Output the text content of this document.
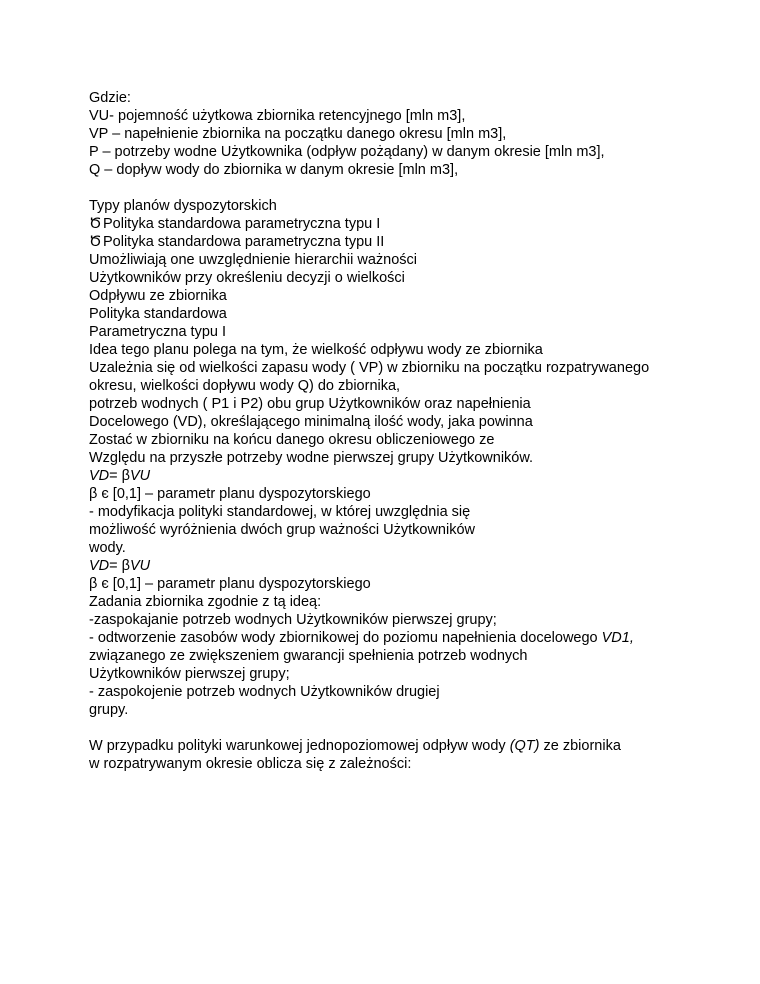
Gdzie:
VU- pojemność użytkowa zbiornika retencyjnego [mln m3],
VP – napełnienie zbiornika na początku danego okresu [mln m3],
P – potrzeby wodne Użytkownika (odpływ pożądany) w danym okresie [mln m3],
Q – dopływ wody do zbiornika w danym okresie [mln m3],
Typy planów dyspozytorskich
ԾPolityka standardowa parametryczna typu I
ԾPolityka standardowa parametryczna typu II
Umożliwiają one uwzględnienie hierarchii ważności
Użytkowników przy określeniu decyzji o wielkości
Odpływu ze zbiornika
Polityka standardowa
Parametryczna typu I
Idea tego planu polega na tym, że wielkość odpływu wody ze zbiornika
Uzależnia się od wielkości zapasu wody ( VP) w zbiorniku na początku rozpatrywanego
okresu, wielkości dopływu wody Q) do zbiornika,
potrzeb wodnych ( P1 i P2) obu grup Użytkowników oraz napełnienia
Docelowego (VD), określającego minimalną ilość wody, jaka powinna
Zostać w zbiorniku na końcu danego okresu obliczeniowego ze
Względu na przyszłe potrzeby wodne pierwszej grupy Użytkowników.
VD= βVU
β є [0,1] – parametr planu dyspozytorskiego
- modyfikacja polityki standardowej, w której uwzględnia się
możliwość wyróżnienia dwóch grup ważności Użytkowników
wody.
VD= βVU
β є [0,1] – parametr planu dyspozytorskiego
Zadania zbiornika zgodnie z tą ideą:
-zaspokajanie potrzeb wodnych Użytkowników pierwszej grupy;
- odtworzenie zasobów wody zbiornikowej do poziomu napełnienia docelowego VD1,
związanego ze zwiększeniem gwarancji spełnienia potrzeb wodnych
Użytkowników pierwszej grupy;
- zaspokojenie potrzeb wodnych Użytkowników drugiej
grupy.
W przypadku polityki warunkowej jednopoziomowej odpływ wody (QT) ze zbiornika
w rozpatrywanym okresie oblicza się z zależności:
